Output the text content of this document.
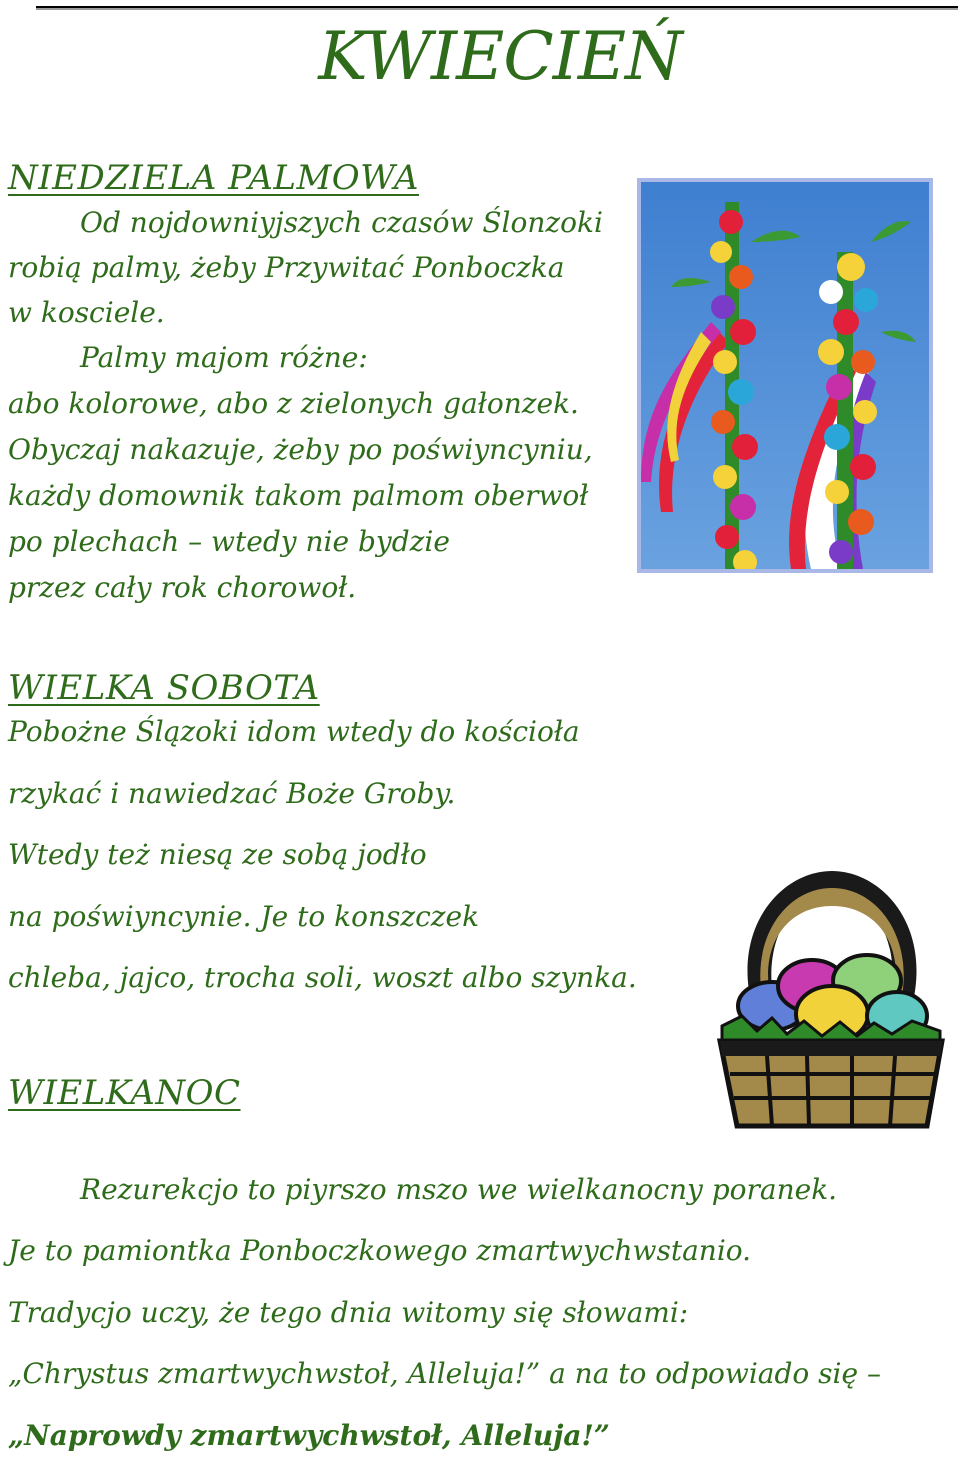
KWIECIEŃ
NIEDZIELA PALMOWA

Od nojdowniyjszych czasów Ślonzoki

robią palmy, żeby Przywitać Ponboczka

w kosciele.

Palmy majom różne:

abo kolorowe, abo z zielonych gałonzek.

Obyczaj nakazuje, żeby po poświyncyniu,

każdy domownik takom palmom oberwoł

po plechach – wtedy nie bydzie

przez cały rok chorowoł.

WIELKA SOBOTA

Pobożne Ślązoki idom wtedy do kościoła

rzykać i nawiedzać Boże Groby.

Wtedy też niesą ze sobą jodło

na poświyncynie. Je to konszczek

chleba, jajco, trocha soli, woszt albo szynka.

WIELKANOC

Rezurekcjo to piyrszo mszo we wielkanocny poranek.

Je to pamiontka Ponboczkowego zmartwychwstanio.

Tradycjo uczy, że tego dnia witomy się słowami:

„Chrystus zmartwychwstoł, Alleluja!” a na to odpowiado się –

„Naprowdy zmartwychwstoł, Alleluja!”
